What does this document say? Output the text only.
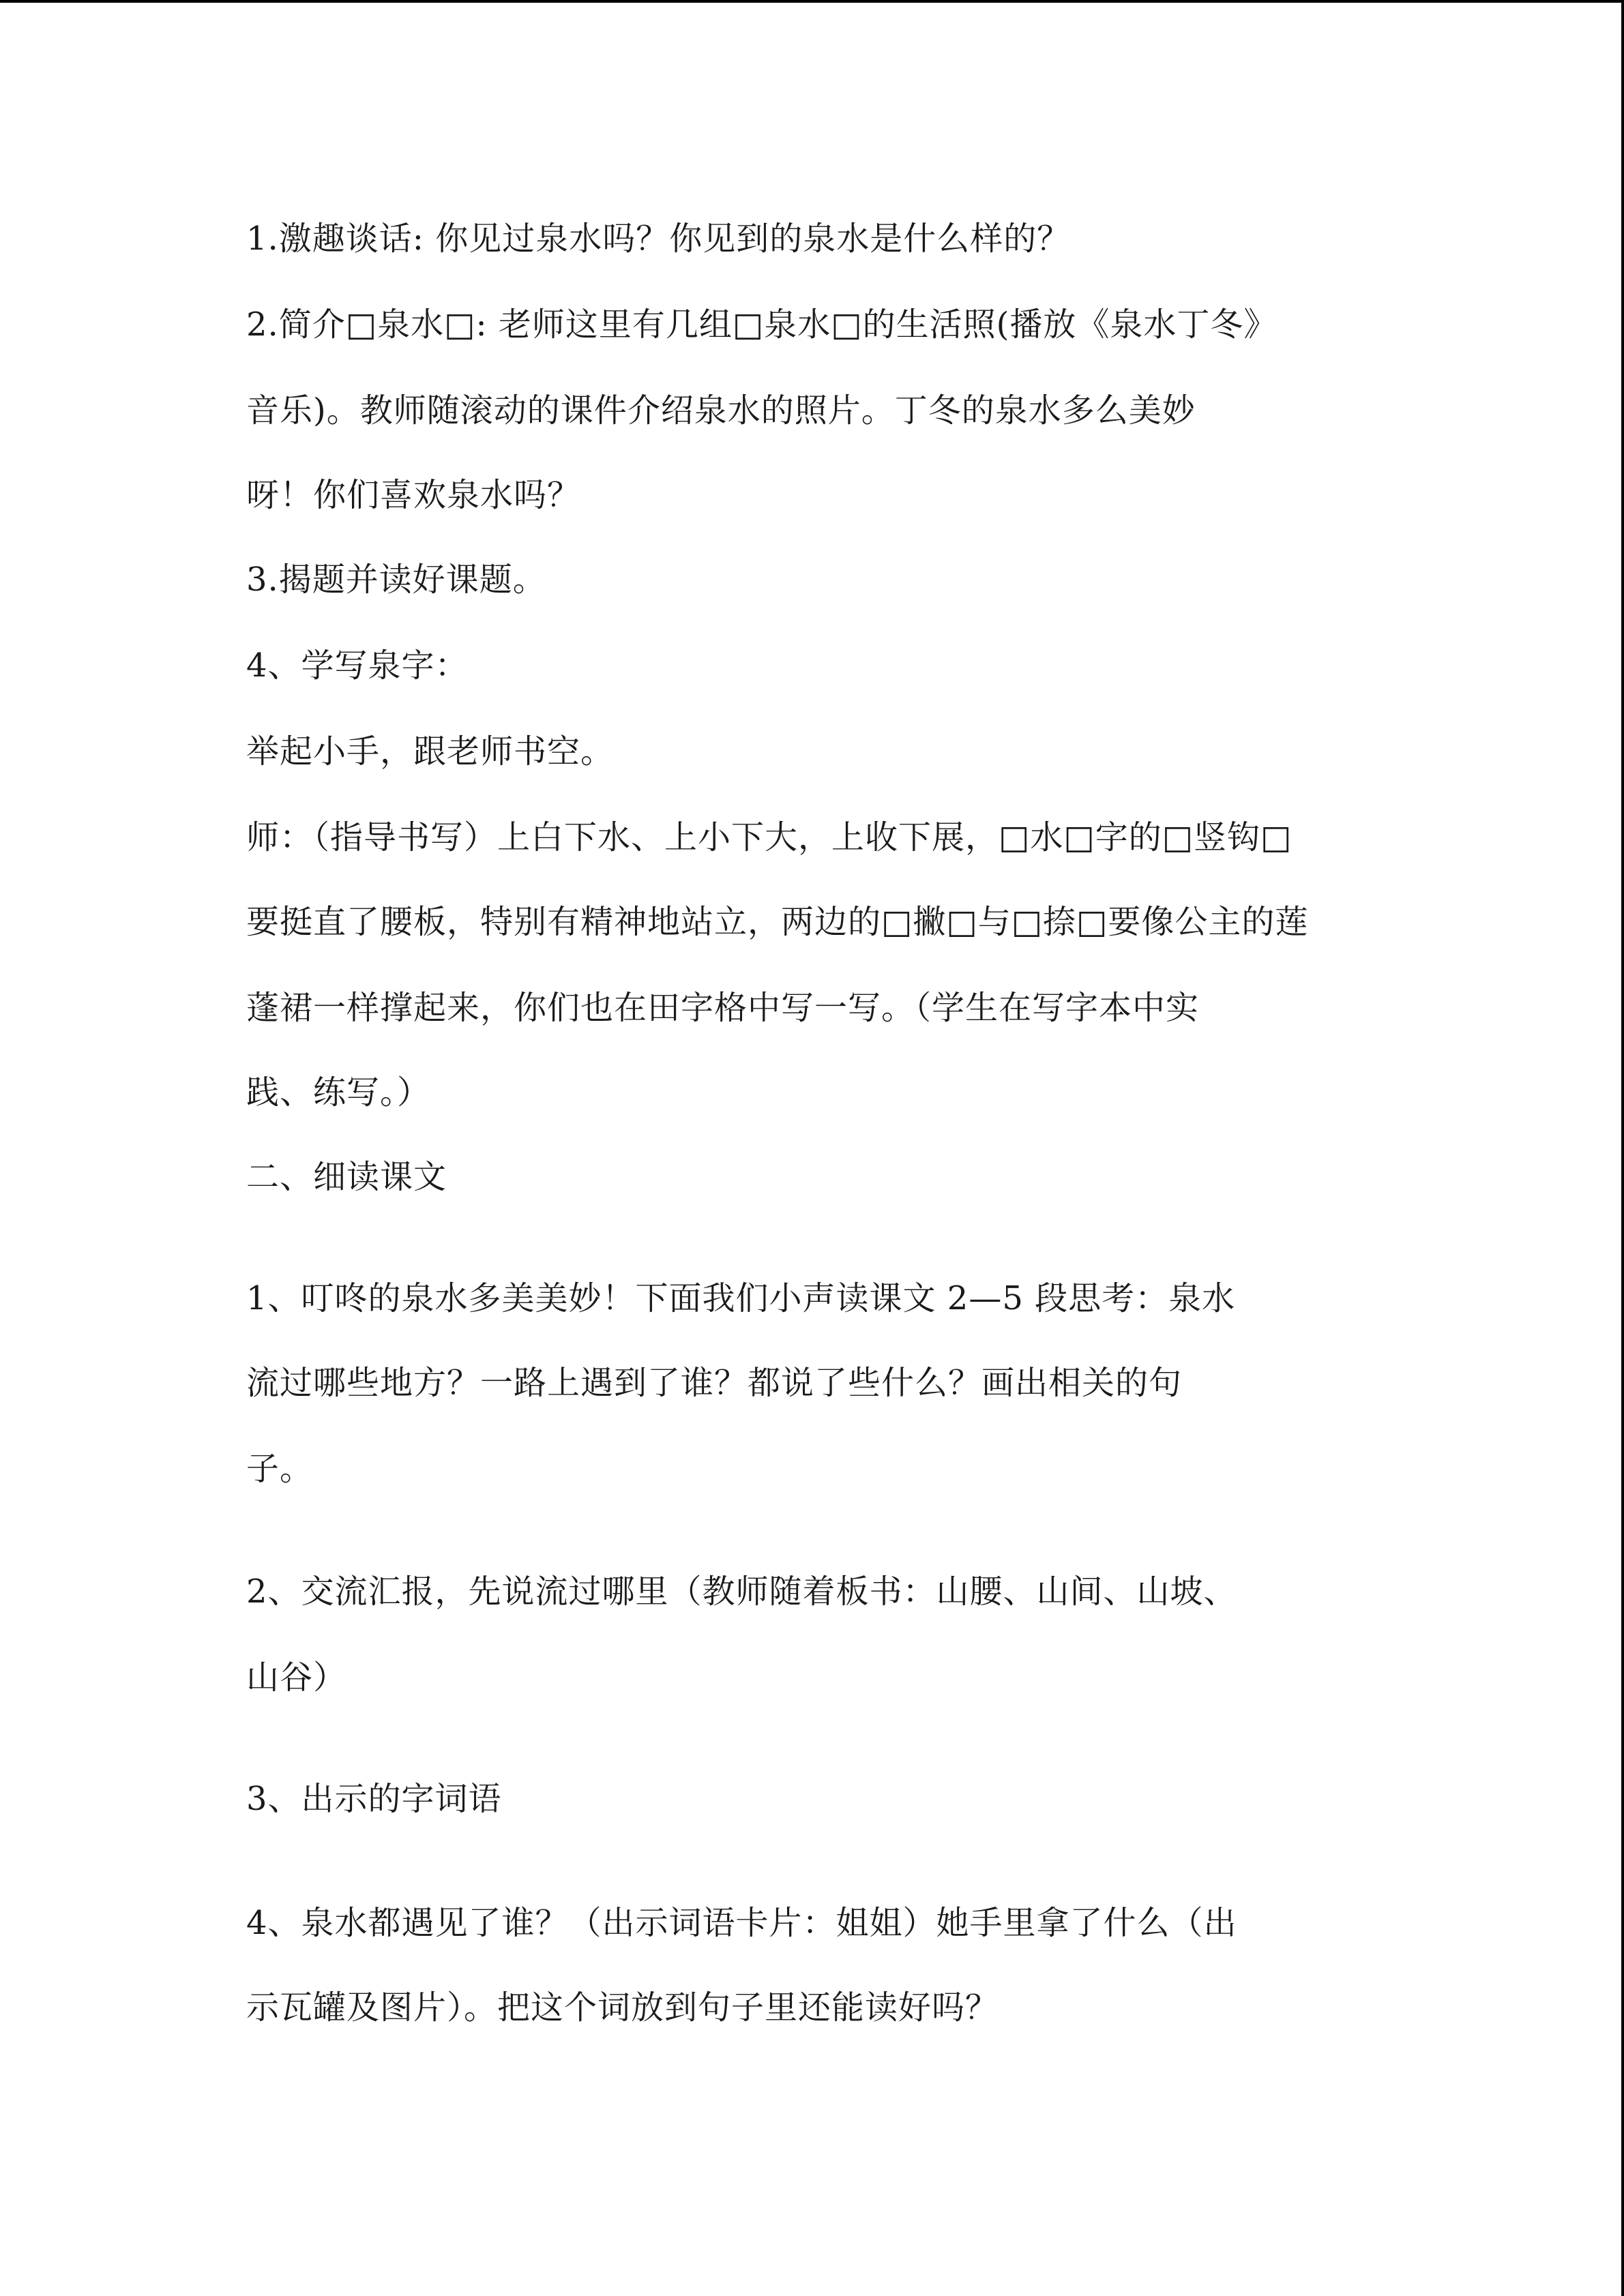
1.激趣谈话: 你见过泉水吗？你见到的泉水是什么样的？
2.简介□泉水□: 老师这里有几组□泉水□的生活照(播放《泉水丁冬》
音乐)。教师随滚动的课件介绍泉水的照片。丁冬的泉水多么美妙
呀！你们喜欢泉水吗？
3.揭题并读好课题。
4、学写泉字：
举起小手，跟老师书空。
师：（指导书写）上白下水、上小下大，上收下展，□水□字的□竖钩□
要挺直了腰板，特别有精神地站立，两边的□撇□与□捺□要像公主的莲
蓬裙一样撑起来，你们也在田字格中写一写。（学生在写字本中实
践、练写。）
二、细读课文
1、叮咚的泉水多美美妙！下面我们小声读课文 2—5 段思考：泉水
流过哪些地方？一路上遇到了谁？都说了些什么？画出相关的句
子。
2、交流汇报，先说流过哪里（教师随着板书：山腰、山间、山坡、
山谷）
3、出示的字词语
4、泉水都遇见了谁？（出示词语卡片：姐姐）她手里拿了什么（出
示瓦罐及图片）。把这个词放到句子里还能读好吗？
